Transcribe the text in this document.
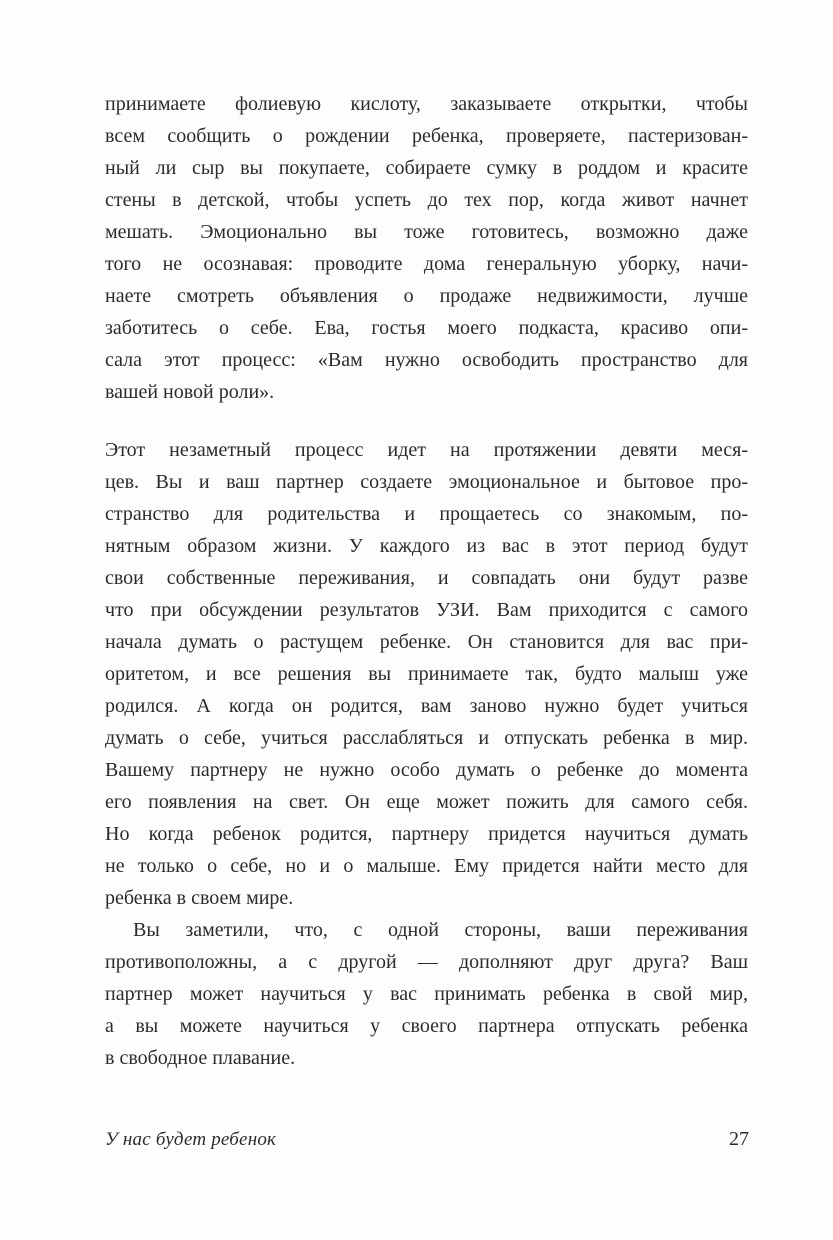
принимаете фолиевую кислоту, заказываете открытки, чтобы
всем сообщить о рождении ребенка, проверяете, пастеризован-
ный ли сыр вы покупаете, собираете сумку в роддом и красите
стены в детской, чтобы успеть до тех пор, когда живот начнет
мешать. Эмоционально вы тоже готовитесь, возможно даже
того не осознавая: проводите дома генеральную уборку, начи-
наете смотреть объявления о продаже недвижимости, лучше
заботитесь о себе. Ева, гостья моего подкаста, красиво опи-
сала этот процесс: «Вам нужно освободить пространство для
вашей новой роли».
Этот незаметный процесс идет на протяжении девяти меся-
цев. Вы и ваш партнер создаете эмоциональное и бытовое про-
странство для родительства и прощаетесь со знакомым, по-
нятным образом жизни. У каждого из вас в этот период будут
свои собственные переживания, и совпадать они будут разве
что при обсуждении результатов УЗИ. Вам приходится с самого
начала думать о растущем ребенке. Он становится для вас при-
оритетом, и все решения вы принимаете так, будто малыш уже
родился. А когда он родится, вам заново нужно будет учиться
думать о себе, учиться расслабляться и отпускать ребенка в мир.
Вашему партнеру не нужно особо думать о ребенке до момента
его появления на свет. Он еще может пожить для самого себя.
Но когда ребенок родится, партнеру придется научиться думать
не только о себе, но и о малыше. Ему придется найти место для
ребенка в своем мире.
Вы заметили, что, с одной стороны, ваши переживания
противоположны, а с другой — дополняют друг друга? Ваш
партнер может научиться у вас принимать ребенка в свой мир,
а вы можете научиться у своего партнера отпускать ребенка
в свободное плавание.
У нас будет ребенок	27
